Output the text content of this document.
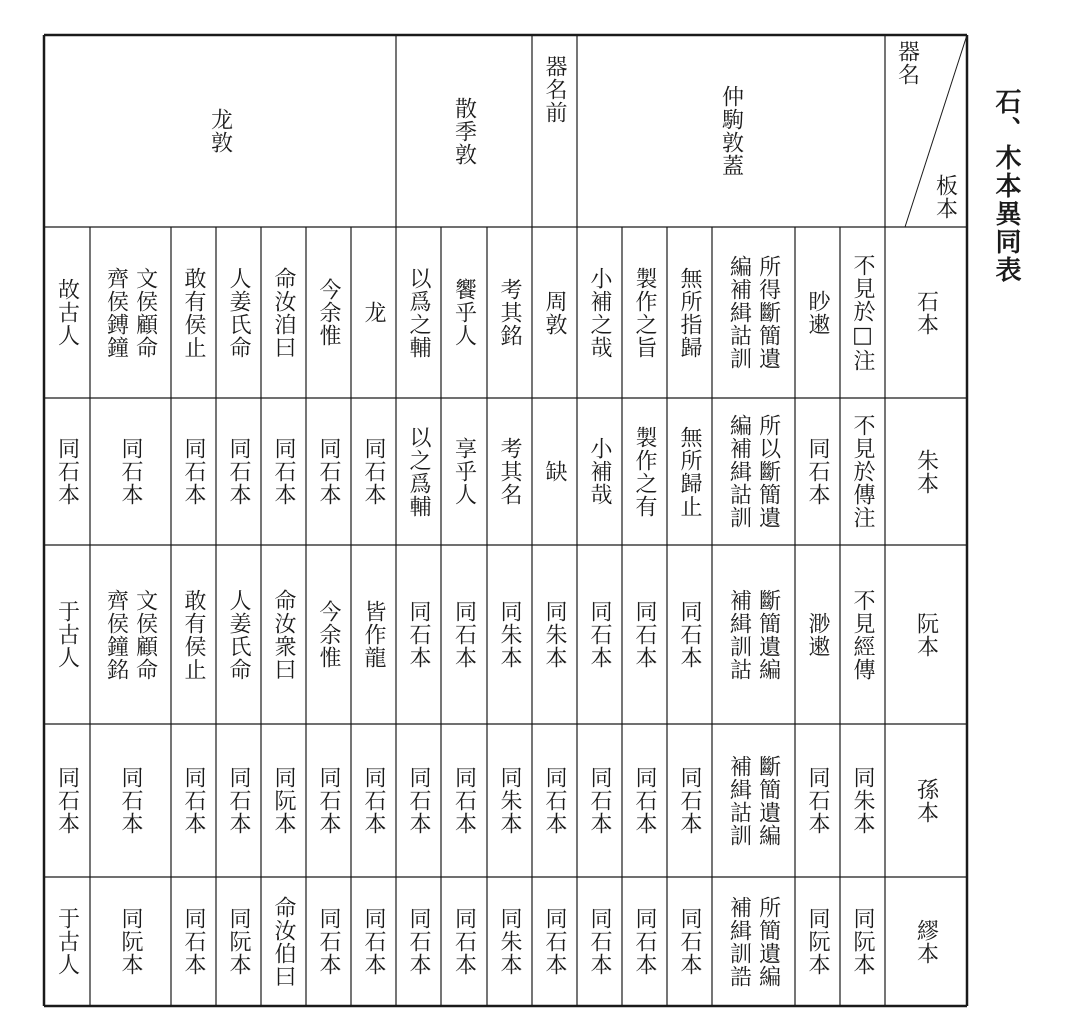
器名
板本
石本
朱本
阮本
孫本
繆本
仲駒敦蓋
器名前
散季敦
龙敦
不見於□注
不見於傳注
不見經傳
同朱本
同阮本
眇遫
同石本
渺遫
同石本
同阮本
所得斷簡遺
編補緝詁訓
所以斷簡遺
編補緝詁訓
斷簡遺編
補緝訓詁
斷簡遺編
補緝詁訓
所簡遺編
補緝訓誥
無所指歸
無所歸止
同石本
同石本
同石本
製作之旨
製作之有
同石本
同石本
同石本
小補之哉
小補哉
同石本
同石本
同石本
周敦
缺
同朱本
同石本
同石本
考其銘
考其名
同朱本
同朱本
同朱本
饗乎人
享乎人
同石本
同石本
同石本
以爲之輔
以之爲輔
同石本
同石本
同石本
龙
同石本
皆作龍
同石本
同石本
今余惟
同石本
今余惟
同石本
同石本
命汝洎曰
同石本
命汝衆曰
同阮本
命汝伯曰
人姜氏命
同石本
人姜氏命
同石本
同阮本
敢有侯止
同石本
敢有侯止
同石本
同石本
文侯顧命
齊侯鎛鐘
同石本
文侯顧命
齊侯鐘銘
同石本
同阮本
故古人
同石本
于古人
同石本
于古人
石、木本異同表
